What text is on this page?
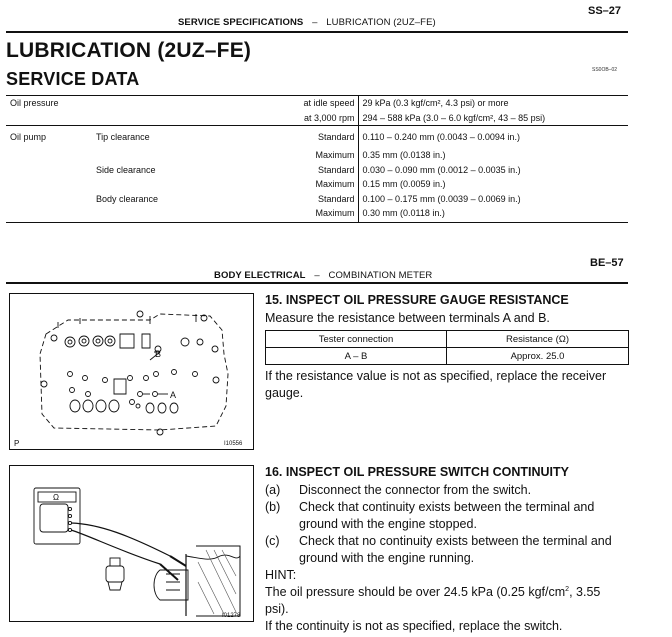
SERVICE SPECIFICATIONS – LUBRICATION (2UZ–FE)
SS–27
LUBRICATION (2UZ–FE)
SERVICE DATA	SS0OB–02
Oil pressure		at idle speed	29 kPa (0.3 kgf/cm², 4.3 psi) or more
		at 3,000 rpm	294 – 588 kPa (3.0 – 6.0 kgf/cm², 43 – 85 psi)
Oil pump	Tip clearance	Standard	0.110 – 0.240 mm (0.0043 – 0.0094 in.)
		Maximum	0.35 mm (0.0138 in.)
	Side clearance	Standard	0.030 – 0.090 mm (0.0012 – 0.0035 in.)
		Maximum	0.15 mm (0.0059 in.)
	Body clearance	Standard	0.100 – 0.175 mm (0.0039 – 0.0069 in.)
		Maximum	0.30 mm (0.0118 in.)
BE–57
BODY ELECTRICAL – COMBINATION METER
B
A
P	I10556
15. INSPECT OIL PRESSURE GAUGE RESISTANCE
Measure the resistance between terminals A and B.
Tester connection	Resistance (Ω)
A – B	Approx. 25.0
If the resistance value is not as specified, replace the receiver
gauge.
Ω
I01278
16. INSPECT OIL PRESSURE SWITCH CONTINUITY
(a)	Disconnect the connector from the switch.
(b)	Check that continuity exists between the terminal and
ground with the engine stopped.
(c)	Check that no continuity exists between the terminal and
ground with the engine running.
HINT:
The oil pressure should be over 24.5 kPa (0.25 kgf/$cm^2$, 3.55
psi).
If the continuity is not as specified, replace the switch.
